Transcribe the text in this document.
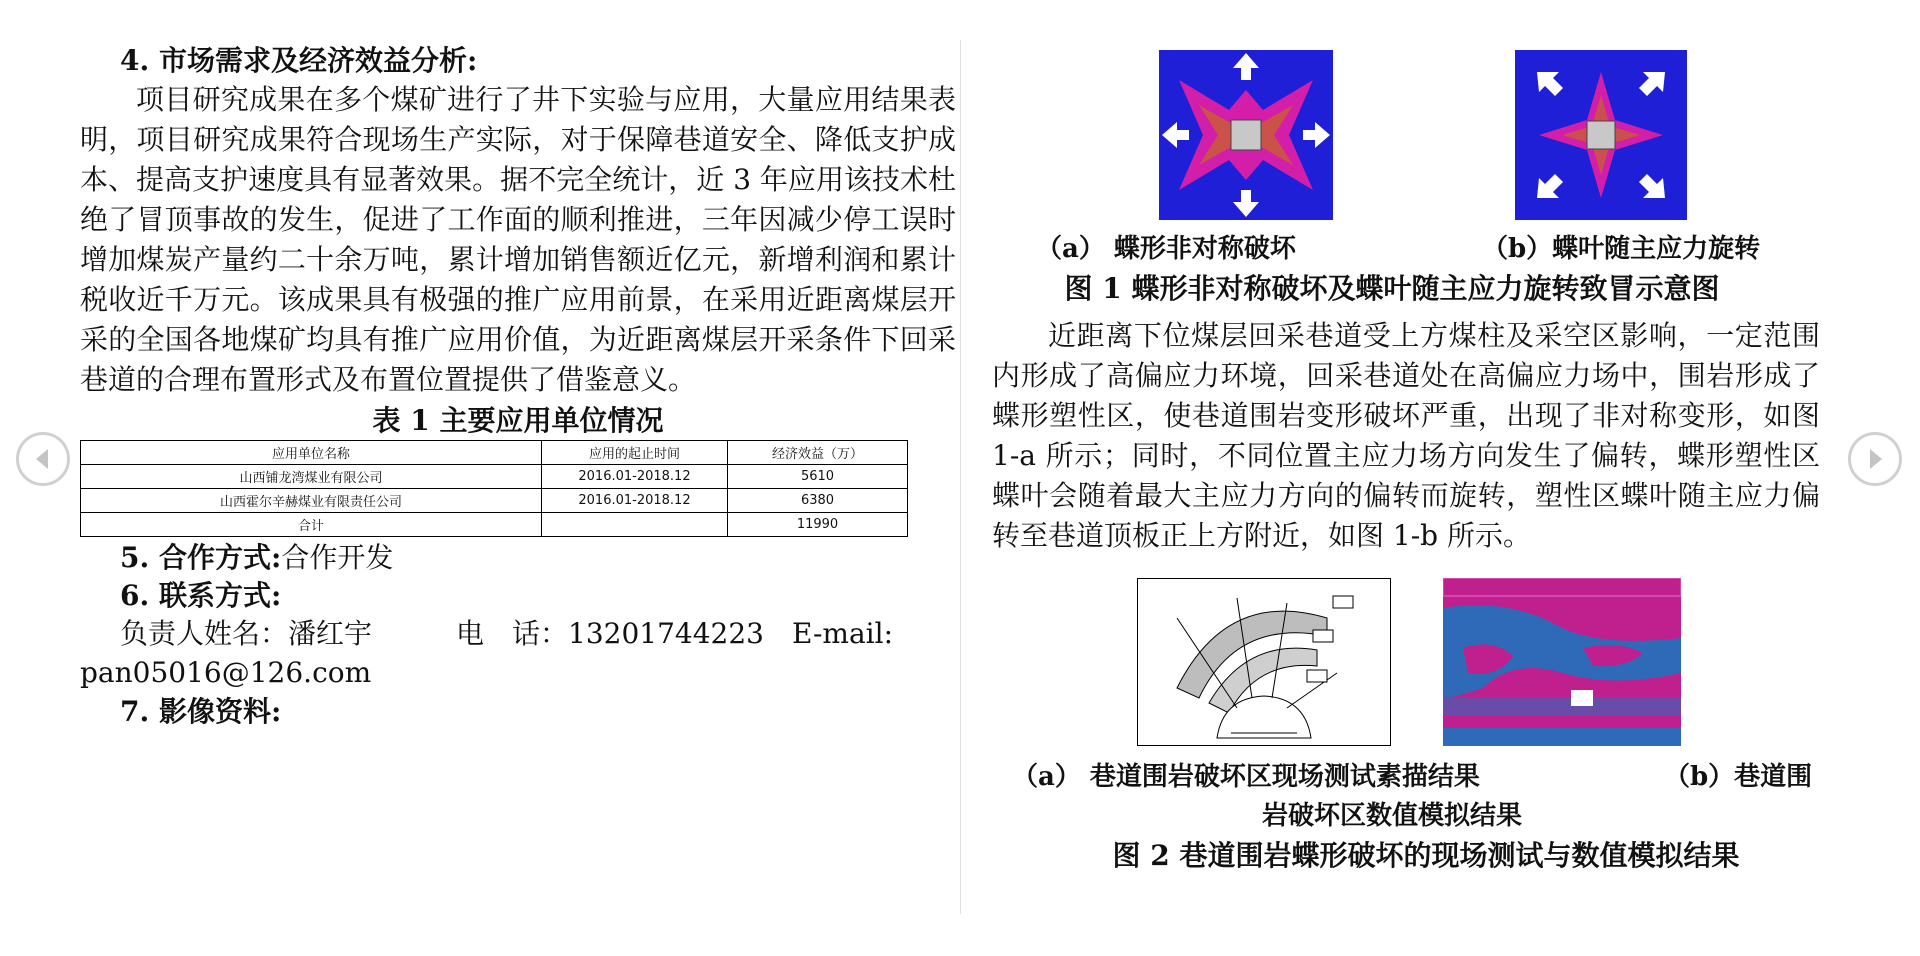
4. 市场需求及经济效益分析:

项目研究成果在多个煤矿进行了井下实验与应用，大量应用结果表明，项目研究成果符合现场生产实际，对于保障巷道安全、降低支护成本、提高支护速度具有显著效果。据不完全统计，近 3 年应用该技术杜绝了冒顶事故的发生，促进了工作面的顺利推进，三年因减少停工误时增加煤炭产量约二十余万吨，累计增加销售额近亿元，新增利润和累计税收近千万元。该成果具有极强的推广应用前景，在采用近距离煤层开采的全国各地煤矿均具有推广应用价值，为近距离煤层开采条件下回采巷道的合理布置形式及布置位置提供了借鉴意义。

表 1 主要应用单位情况

应用单位名称	应用的起止时间	经济效益（万）
山西铺龙湾煤业有限公司	2016.01-2018.12	5610
山西霍尔辛赫煤业有限责任公司	2016.01-2018.12	6380
合计		11990

5. 合作方式:合作开发

6. 联系方式:

负责人姓名：潘红宇	电　话：13201744223 E-mail:

pan05016@126.com

7. 影像资料:

（a） 蝶形非对称破坏	（b）蝶叶随主应力旋转
图 1 蝶形非对称破坏及蝶叶随主应力旋转致冒示意图

近距离下位煤层回采巷道受上方煤柱及采空区影响，一定范围内形成了高偏应力环境，回采巷道处在高偏应力场中，围岩形成了蝶形塑性区，使巷道围岩变形破坏严重，出现了非对称变形，如图 1-a 所示；同时，不同位置主应力场方向发生了偏转，蝶形塑性区蝶叶会随着最大主应力方向的偏转而旋转，塑性区蝶叶随主应力偏转至巷道顶板正上方附近，如图 1-b 所示。

（a） 巷道围岩破坏区现场测试素描结果	（b）巷道围
岩破坏区数值模拟结果
图 2 巷道围岩蝶形破坏的现场测试与数值模拟结果
